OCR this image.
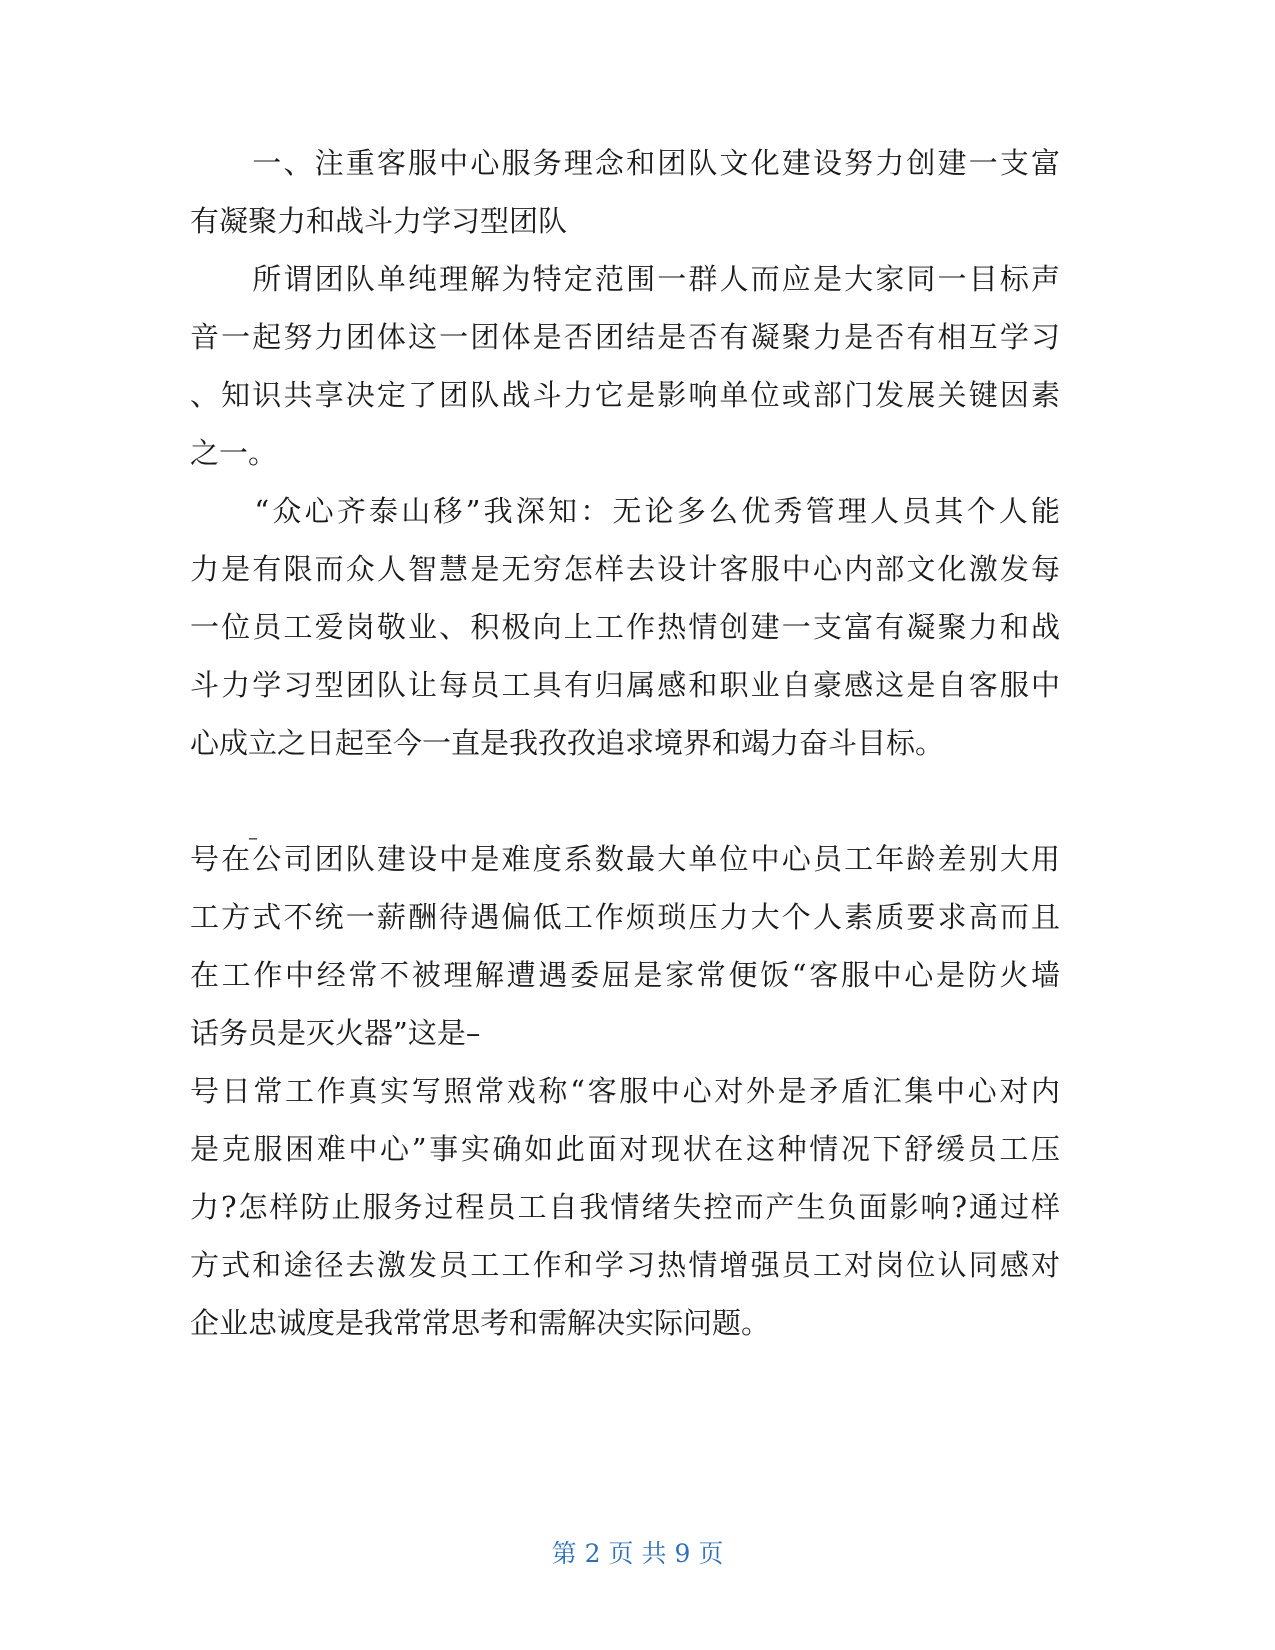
　　一、注重客服中心服务理念和团队文化建设努力创建一支富
有凝聚力和战斗力学习型团队
　　所谓团队单纯理解为特定范围一群人而应是大家同一目标声
音一起努力团体这一团体是否团结是否有凝聚力是否有相互学习
、知识共享决定了团队战斗力它是影响单位或部门发展关键因素
之一。
　　“众心齐泰山移”我深知：无论多么优秀管理人员其个人能
力是有限而众人智慧是无穷怎样去设计客服中心内部文化激发每
一位员工爱岗敬业、积极向上工作热情创建一支富有凝聚力和战
斗力学习型团队让每员工具有归属感和职业自豪感这是自客服中
心成立之日起至今一直是我孜孜追求境界和竭力奋斗目标。
–
号在公司团队建设中是难度系数最大单位中心员工年龄差别大用
工方式不统一薪酬待遇偏低工作烦琐压力大个人素质要求高而且
在工作中经常不被理解遭遇委屈是家常便饭“客服中心是防火墙
话务员是灭火器”这是–
号日常工作真实写照常戏称“客服中心对外是矛盾汇集中心对内
是克服困难中心”事实确如此面对现状在这种情况下舒缓员工压
力?怎样防止服务过程员工自我情绪失控而产生负面影响?通过样
方式和途径去激发员工工作和学习热情增强员工对岗位认同感对
企业忠诚度是我常常思考和需解决实际问题。
第 2 页 共 9 页
